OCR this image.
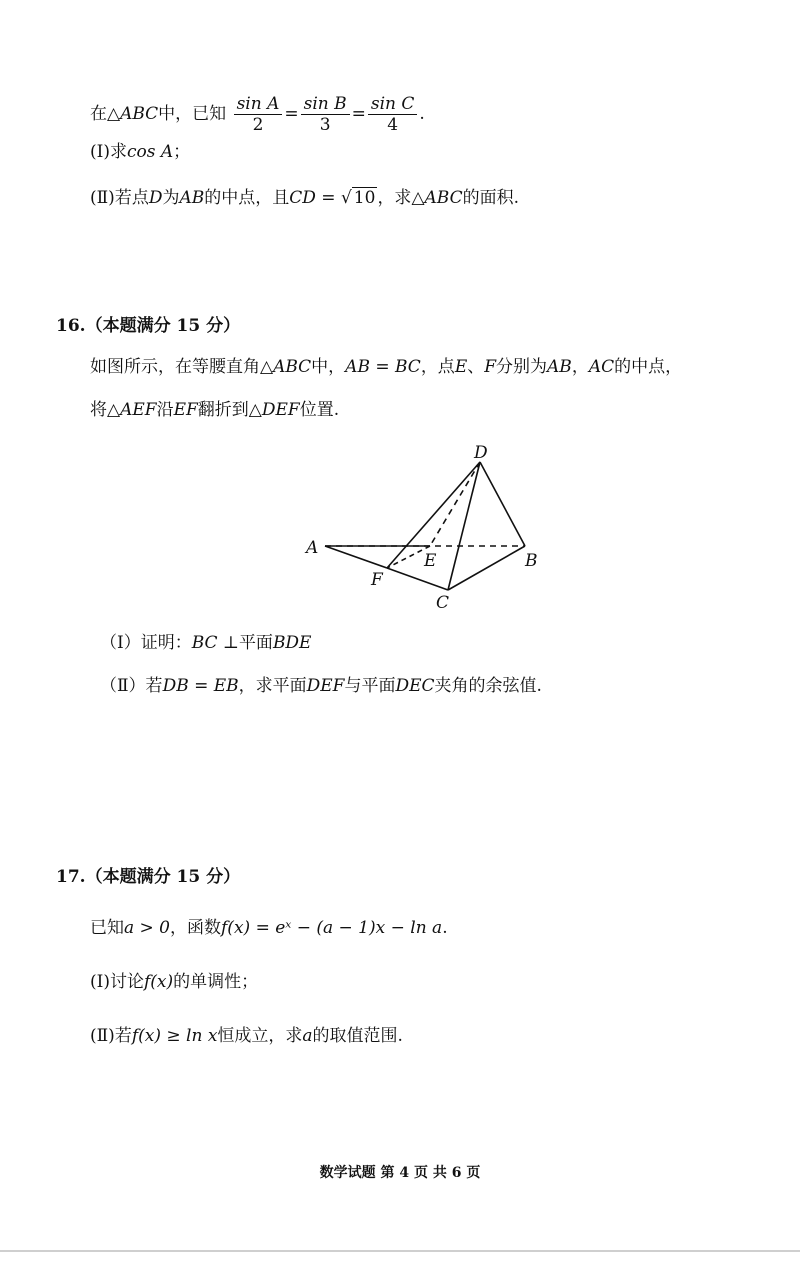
在△ABC中，已知 $\frac{\text{sin A}}{2} = \frac{\text{sin B}}{3} = \frac{\text{sin C}}{4}$ .
(Ⅰ)求cos A；
(Ⅱ)若点D为AB的中点，且CD = √ 10 ，求△ABC的面积.
16.（本题满分 15 分）
如图所示，在等腰直角△ABC中，AB = BC，点E、F分别为AB，AC的中点，
将△AEF沿EF翻折到△DEF位置.
D
A
E	B
F
C
（Ⅰ）证明：BC ⊥平面BDE
（Ⅱ）若DB = EB，求平面DEF与平面DEC夹角的余弦值.
17.（本题满分 15 分）
已知a > 0，函数f(x) = eˣ − (a − 1)x − ln a.
(Ⅰ)讨论f(x)的单调性；
(Ⅱ)若f(x) ≥ ln x恒成立，求a的取值范围.
数学试题 第 4 页 共 6 页
